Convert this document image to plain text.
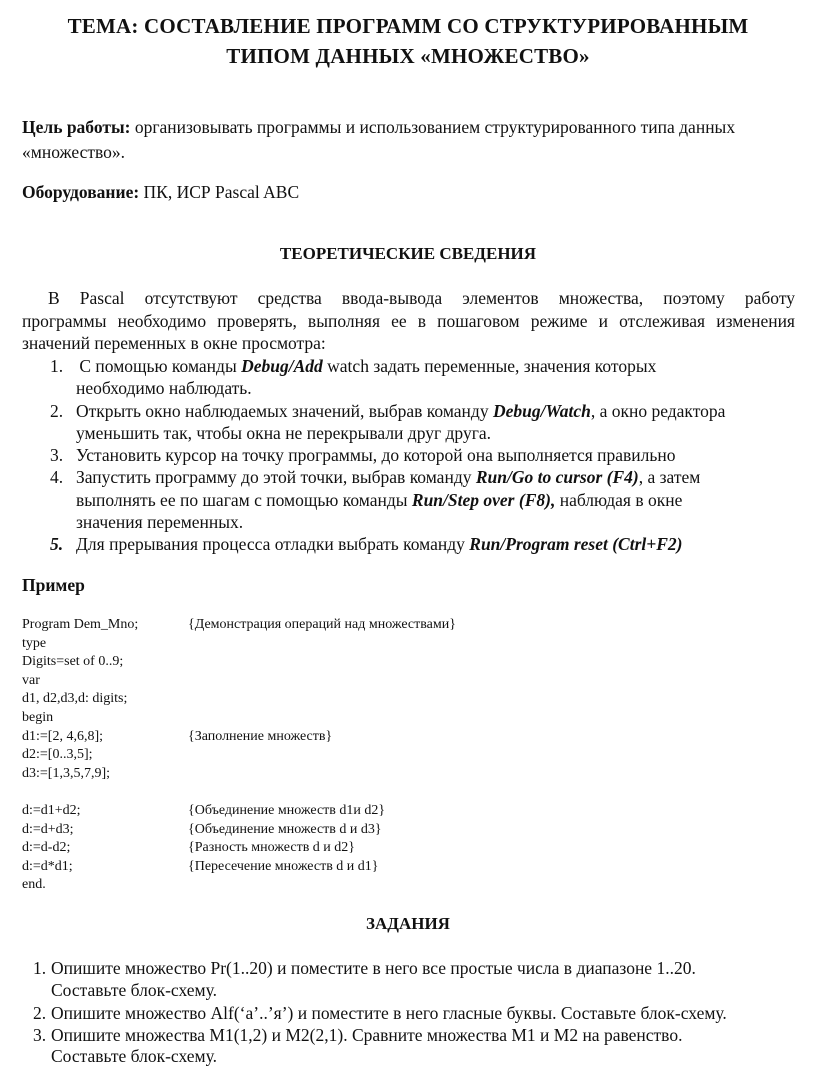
ТЕМА: СОСТАВЛЕНИЕ ПРОГРАММ СО СТРУКТУРИРОВАННЫМ
ТИПОМ ДАННЫХ «МНОЖЕСТВО»
Цель работы: организовывать программы и использованием структурированного типа данных
«множество».
Оборудование: ПК, ИСР Pascal ABC
ТЕОРЕТИЧЕСКИЕ СВЕДЕНИЯ
В Pascal отсутствуют средства ввода-вывода элементов множества, поэтому работу
программы необходимо проверять, выполняя ее в пошаговом режиме и отслеживая изменения
значений переменных в окне просмотра:
1. С помощью команды Debug/Add watch задать переменные, значения которых
необходимо наблюдать.
2. Открыть окно наблюдаемых значений, выбрав команду Debug/Watch, а окно редактора
уменьшить так, чтобы окна не перекрывали друг друга.
3. Установить курсор на точку программы, до которой она выполняется правильно
4. Запустить программу до этой точки, выбрав команду Run/Go to cursor (F4), а затем
выполнять ее по шагам с помощью команды Run/Step over (F8), наблюдая в окне
значения переменных.
5. Для прерывания процесса отладки выбрать команду Run/Program reset (Ctrl+F2)
Пример
Program Dem_Mno;	{Демонстрация операций над множествами}
type
Digits=set of 0..9;
var
d1, d2,d3,d: digits;
begin
d1:=[2, 4,6,8];	{Заполнение множеств}
d2:=[0..3,5];
d3:=[1,3,5,7,9];
d:=d1+d2;	{Объединение множеств d1и d2}
d:=d+d3;	{Объединение множеств d и d3}
d:=d-d2;	{Разность множеств d и d2}
d:=d*d1;	{Пересечение множеств d и d1}
end.
ЗАДАНИЯ
1. Опишите множество Pr(1..20) и поместите в него все простые числа в диапазоне 1..20.
Составьте блок-схему.
2. Опишите множество Alf(‘a’..’я’) и поместите в него гласные буквы. Составьте блок-схему.
3. Опишите множества M1(1,2) и M2(2,1). Сравните множества M1 и M2 на равенство.
Составьте блок-схему.
